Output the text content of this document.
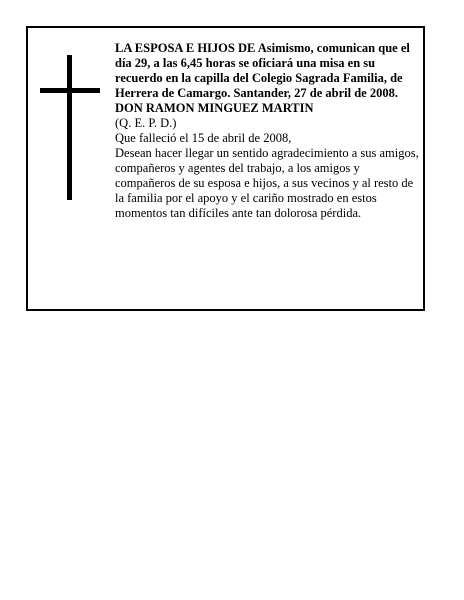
LA ESPOSA E HIJOS DE Asimismo, comunican que el día 29, a las 6,45 horas se oficiará una misa en su recuerdo en la capilla del Colegio Sagrada Familia, de Herrera de Camargo. Santander, 27 de abril de 2008.

DON RAMON MINGUEZ MARTIN

(Q. E. P. D.)

Que falleció el 15 de abril de 2008,

Desean hacer llegar un sentido agradecimiento a sus amigos, compañeros y agentes del trabajo, a los amigos y compañeros de su esposa e hijos, a sus vecinos y al resto de la familia por el apoyo y el cariño mostrado en estos momentos tan difíciles ante tan dolorosa pérdida.
